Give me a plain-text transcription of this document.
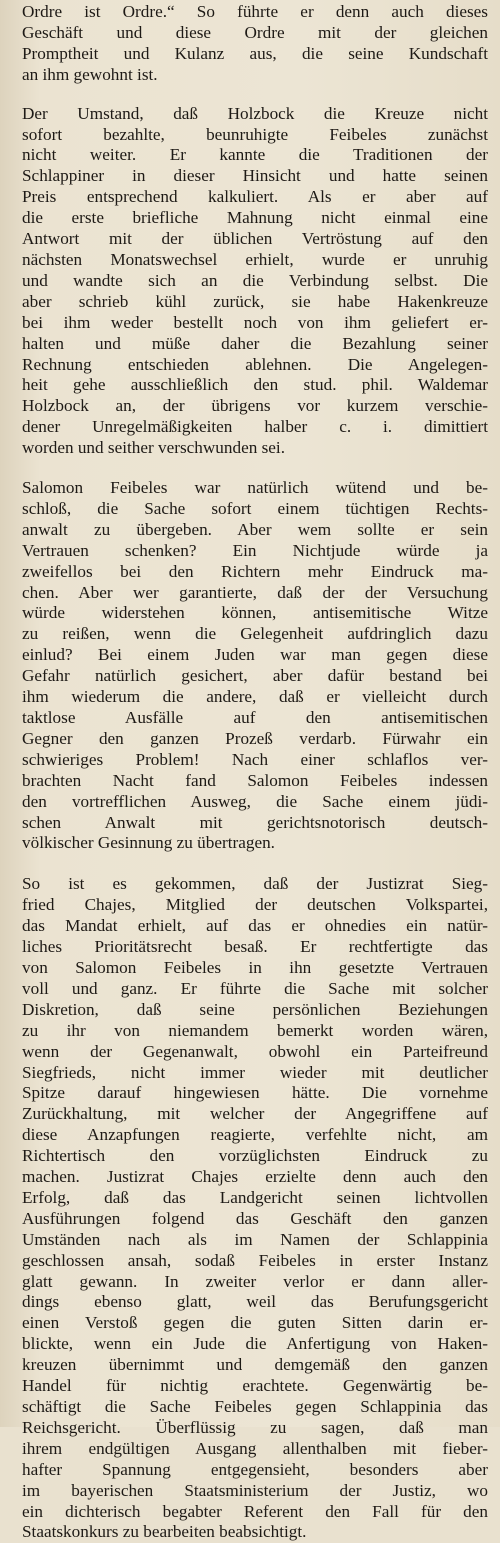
Ordre ist Ordre.“ So führte er denn auch dieses
Geschäft und diese Ordre mit der gleichen
Promptheit und Kulanz aus, die seine Kundschaft
an ihm gewohnt ist.
Der Umstand, daß Holzbock die Kreuze nicht
sofort bezahlte, beunruhigte Feibeles zunächst
nicht weiter. Er kannte die Traditionen der
Schlappiner in dieser Hinsicht und hatte seinen
Preis entsprechend kalkuliert. Als er aber auf
die erste briefliche Mahnung nicht einmal eine
Antwort mit der üblichen Vertröstung auf den
nächsten Monatswechsel erhielt, wurde er unruhig
und wandte sich an die Verbindung selbst. Die
aber schrieb kühl zurück, sie habe Hakenkreuze
bei ihm weder bestellt noch von ihm geliefert er-
halten und müße daher die Bezahlung seiner
Rechnung entschieden ablehnen. Die Angelegen-
heit gehe ausschließlich den stud. phil. Waldemar
Holzbock an, der übrigens vor kurzem verschie-
dener Unregelmäßigkeiten halber c. i. dimittiert
worden und seither verschwunden sei.
Salomon Feibeles war natürlich wütend und be-
schloß, die Sache sofort einem tüchtigen Rechts-
anwalt zu übergeben. Aber wem sollte er sein
Vertrauen schenken? Ein Nichtjude würde ja
zweifellos bei den Richtern mehr Eindruck ma-
chen. Aber wer garantierte, daß der der Versuchung
würde widerstehen können, antisemitische Witze
zu reißen, wenn die Gelegenheit aufdringlich dazu
einlud? Bei einem Juden war man gegen diese
Gefahr natürlich gesichert, aber dafür bestand bei
ihm wiederum die andere, daß er vielleicht durch
taktlose Ausfälle auf den antisemitischen
Gegner den ganzen Prozeß verdarb. Fürwahr ein
schwieriges Problem! Nach einer schlaflos ver-
brachten Nacht fand Salomon Feibeles indessen
den vortrefflichen Ausweg, die Sache einem jüdi-
schen Anwalt mit gerichtsnotorisch deutsch-
völkischer Gesinnung zu übertragen.
So ist es gekommen, daß der Justizrat Sieg-
fried Chajes, Mitglied der deutschen Volkspartei,
das Mandat erhielt, auf das er ohnedies ein natür-
liches Prioritätsrecht besaß. Er rechtfertigte das
von Salomon Feibeles in ihn gesetzte Vertrauen
voll und ganz. Er führte die Sache mit solcher
Diskretion, daß seine persönlichen Beziehungen
zu ihr von niemandem bemerkt worden wären,
wenn der Gegenanwalt, obwohl ein Parteifreund
Siegfrieds, nicht immer wieder mit deutlicher
Spitze darauf hingewiesen hätte. Die vornehme
Zurückhaltung, mit welcher der Angegriffene auf
diese Anzapfungen reagierte, verfehlte nicht, am
Richtertisch den vorzüglichsten Eindruck zu
machen. Justizrat Chajes erzielte denn auch den
Erfolg, daß das Landgericht seinen lichtvollen
Ausführungen folgend das Geschäft den ganzen
Umständen nach als im Namen der Schlappinia
geschlossen ansah, sodaß Feibeles in erster Instanz
glatt gewann. In zweiter verlor er dann aller-
dings ebenso glatt, weil das Berufungsgericht
einen Verstoß gegen die guten Sitten darin er-
blickte, wenn ein Jude die Anfertigung von Haken-
kreuzen übernimmt und demgemäß den ganzen
Handel für nichtig erachtete. Gegenwärtig be-
schäftigt die Sache Feibeles gegen Schlappinia das
Reichsgericht. Überflüssig zu sagen, daß man
ihrem endgültigen Ausgang allenthalben mit fieber-
hafter Spannung entgegensieht, besonders aber
im bayerischen Staatsministerium der Justiz, wo
ein dichterisch begabter Referent den Fall für den
Staatskonkurs zu bearbeiten beabsichtigt.
